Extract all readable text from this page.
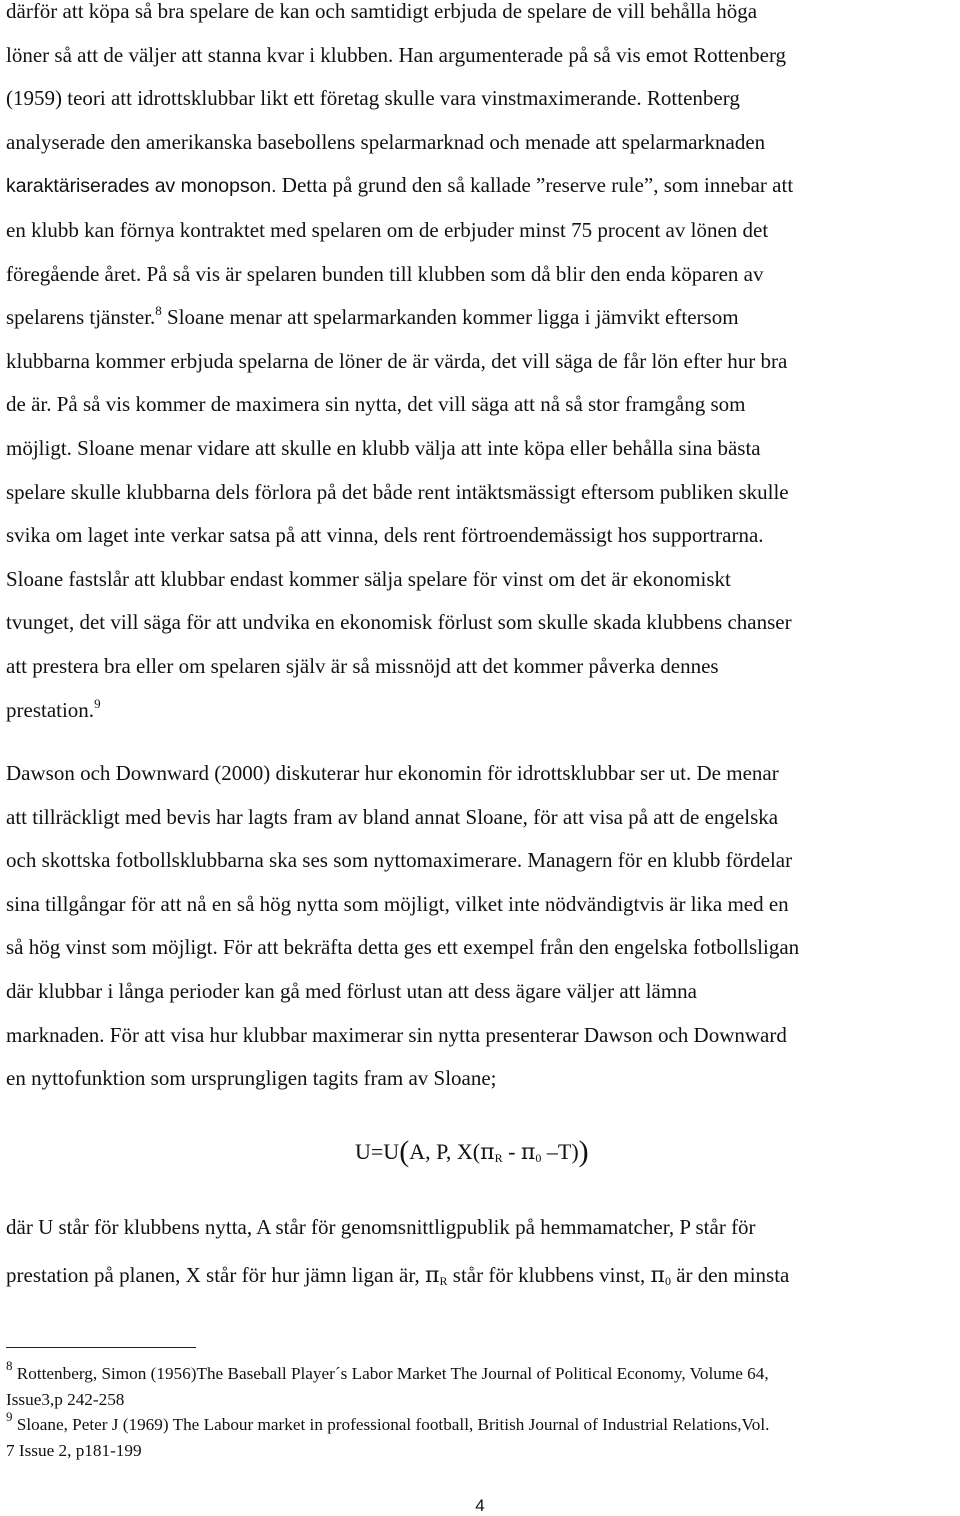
därför att köpa så bra spelare de kan och samtidigt erbjuda de spelare de vill behålla höga
löner så att de väljer att stanna kvar i klubben. Han argumenterade på så vis emot Rottenberg
(1959) teori att idrottsklubbar likt ett företag skulle vara vinstmaximerande. Rottenberg
analyserade den amerikanska basebollens spelarmarknad och menade att spelarmarknaden
karaktäriserades av monopson. Detta på grund den så kallade ”reserve rule”, som innebar att
en klubb kan förnya kontraktet med spelaren om de erbjuder minst 75 procent av lönen det
föregående året. På så vis är spelaren bunden till klubben som då blir den enda köparen av
spelarens tjänster.$^8$ Sloane menar att spelarmarkanden kommer ligga i jämvikt eftersom
klubbarna kommer erbjuda spelarna de löner de är värda, det vill säga de får lön efter hur bra
de är. På så vis kommer de maximera sin nytta, det vill säga att nå så stor framgång som
möjligt. Sloane menar vidare att skulle en klubb välja att inte köpa eller behålla sina bästa
spelare skulle klubbarna dels förlora på det både rent intäktsmässigt eftersom publiken skulle
svika om laget inte verkar satsa på att vinna, dels rent förtroendemässigt hos supportrarna.
Sloane fastslår att klubbar endast kommer sälja spelare för vinst om det är ekonomiskt
tvunget, det vill säga för att undvika en ekonomisk förlust som skulle skada klubbens chanser
att prestera bra eller om spelaren själv är så missnöjd att det kommer påverka dennes
prestation.$^9$

Dawson och Downward (2000) diskuterar hur ekonomin för idrottsklubbar ser ut. De menar
att tillräckligt med bevis har lagts fram av bland annat Sloane, för att visa på att de engelska
och skottska fotbollsklubbarna ska ses som nyttomaximerare. Managern för en klubb fördelar
sina tillgångar för att nå en så hög nytta som möjligt, vilket inte nödvändigtvis är lika med en
så hög vinst som möjligt. För att bekräfta detta ges ett exempel från den engelska fotbollsligan
där klubbar i långa perioder kan gå med förlust utan att dess ägare väljer att lämna
marknaden. För att visa hur klubbar maximerar sin nytta presenterar Dawson och Downward
en nyttofunktion som ursprungligen tagits fram av Sloane;

U=U(A, P, $X(\pi_R - \pi_0$ –T))

där U står för klubbens nytta, A står för genomsnittligpublik på hemmamatcher, P står för
prestation på planen, X står för hur jämn ligan är, $\pi_R$ står för klubbens vinst, $\pi_0$ är den minsta

$^8$ Rottenberg, Simon (1956)The Baseball Player´s Labor Market The Journal of Political Economy, Volume 64,
Issue3,p 242-258

$^9$ Sloane, Peter J (1969) The Labour market in professional football, British Journal of Industrial Relations,Vol.
7 Issue 2, p181-199

4
